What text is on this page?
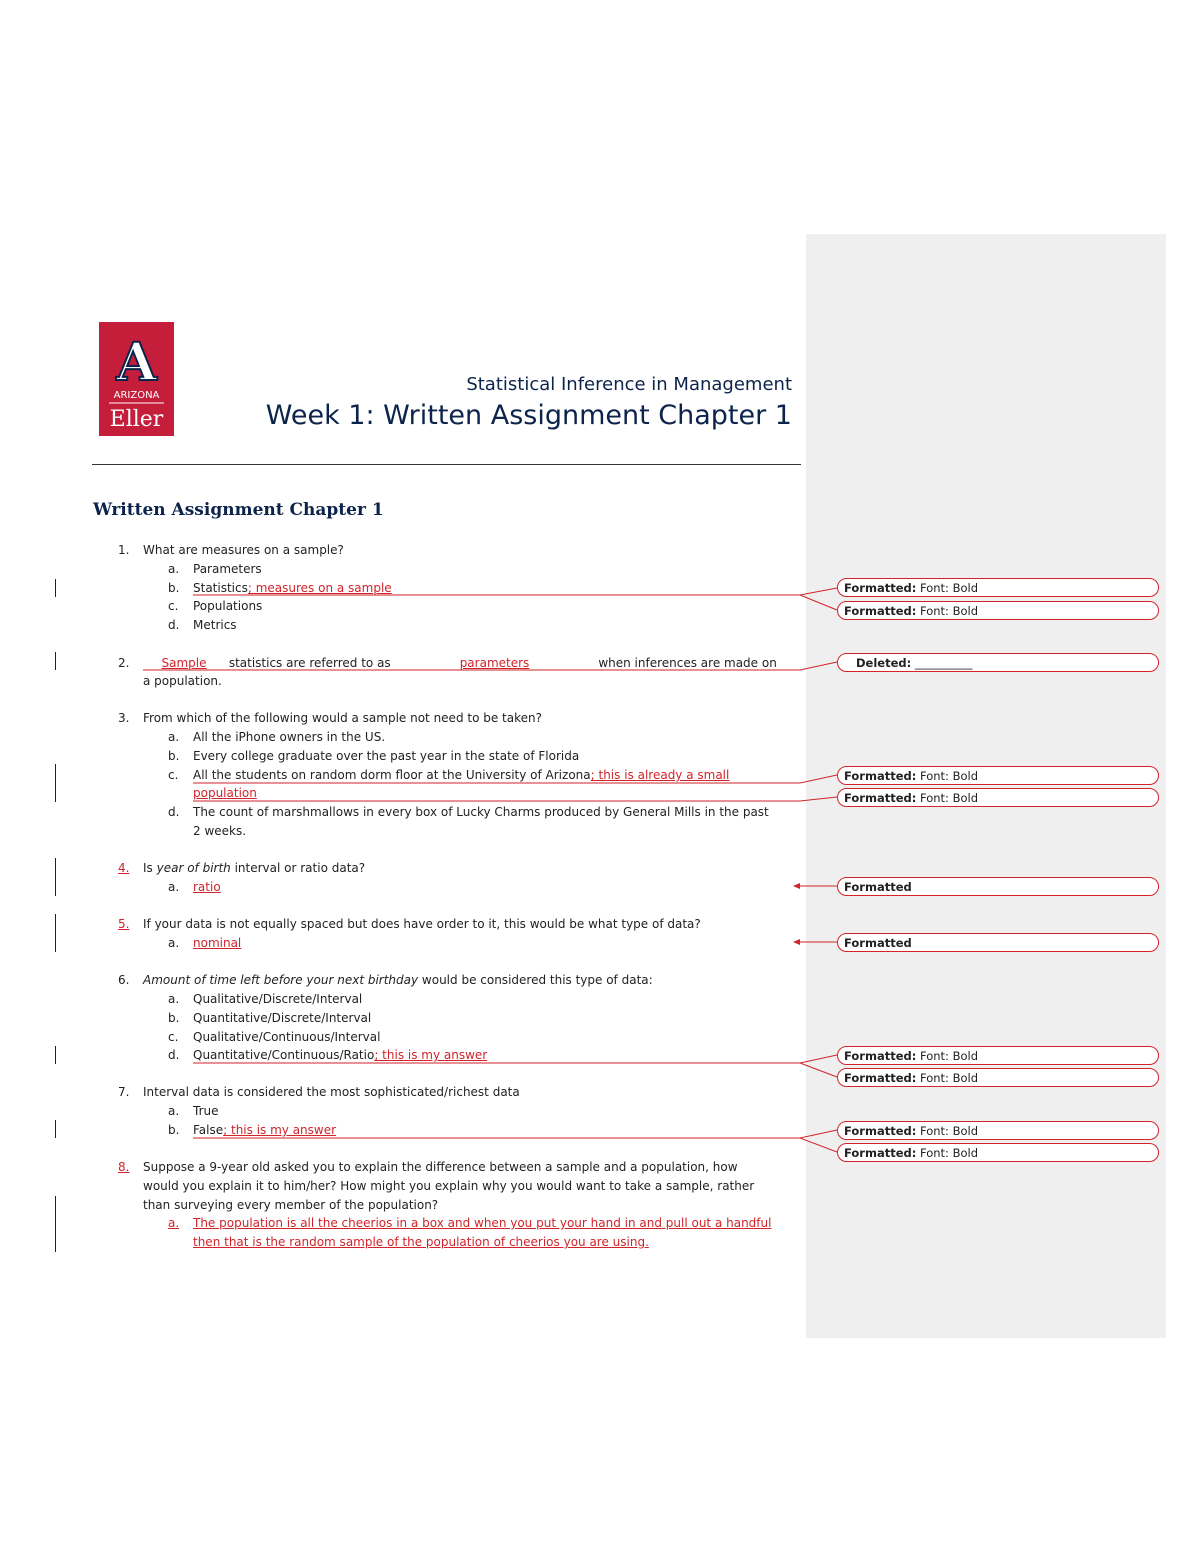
A
ARIZONA
Eller
Statistical Inference in Management
Week 1: Written Assignment Chapter 1
Written Assignment Chapter 1
1. What are measures on a sample?
a. Parameters
b. Statistics; measures on a sample
c. Populations
d. Metrics
2.	Sample statistics are referred to as	parameters	when inferences are made on
a population.
3. From which of the following would a sample not need to be taken?
a. All the iPhone owners in the US.
b. Every college graduate over the past year in the state of Florida
c. All the students on random dorm floor at the University of Arizona; this is already a small
population
d. The count of marshmallows in every box of Lucky Charms produced by General Mills in the past
2 weeks.
4. Is year of birth interval or ratio data?
a. ratio
5. If your data is not equally spaced but does have order to it, this would be what type of data?
a. nominal
6. Amount of time left before your next birthday would be considered this type of data:
a. Qualitative/Discrete/Interval
b. Quantitative/Discrete/Interval
c. Qualitative/Continuous/Interval
d. Quantitative/Continuous/Ratio; this is my answer
7. Interval data is considered the most sophisticated/richest data
a. True
b. False; this is my answer
8. Suppose a 9-year old asked you to explain the difference between a sample and a population, how
would you explain it to him/her? How might you explain why you would want to take a sample, rather
than surveying every member of the population?
a. The population is all the cheerios in a box and when you put your hand in and pull out a handful
then that is the random sample of the population of cheerios you are using.
Formatted: Font: Bold
Formatted: Font: Bold
Deleted: __________
Formatted: Font: Bold
Formatted: Font: Bold
Formatted
Formatted
Formatted: Font: Bold
Formatted: Font: Bold
Formatted: Font: Bold
Formatted: Font: Bold
